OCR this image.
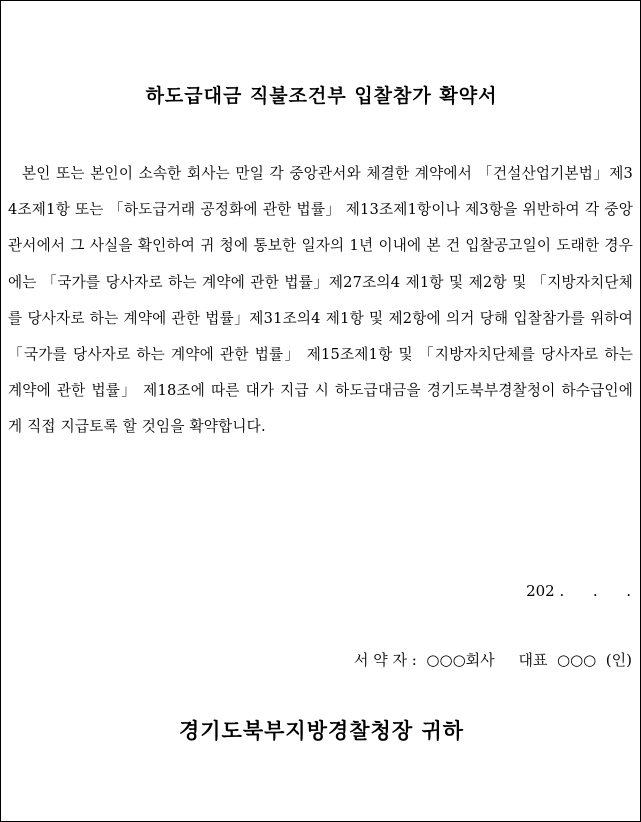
하도급대금 직불조건부 입찰참가 확약서

본인 또는 본인이 소속한 회사는 만일 각 중앙관서와 체결한 계약에서 「건설산업기본법」제34조제1항 또는 「하도급거래 공정화에 관한 법률」 제13조제1항이나 제3항을 위반하여 각 중앙관서에서 그 사실을 확인하여 귀 청에 통보한 일자의 1년 이내에 본 건 입찰공고일이 도래한 경우에는 「국가를 당사자로 하는 계약에 관한 법률」제27조의4 제1항 및 제2항 및 「지방자치단체를 당사자로 하는 계약에 관한 법률」제31조의4 제1항 및 제2항에 의거 당해 입찰참가를 위하여 「국가를 당사자로 하는 계약에 관한 법률」 제15조제1항 및 「지방자치단체를 당사자로 하는 계약에 관한 법률」 제18조에 따른 대가 지급 시 하도급대금을 경기도북부경찰청이 하수급인에게 직접 지급토록 할 것임을 확약합니다.

202 .      .      .
서 약 자 :  ○○○회사     대표  ○○○  (인)
경기도북부지방경찰청장 귀하
